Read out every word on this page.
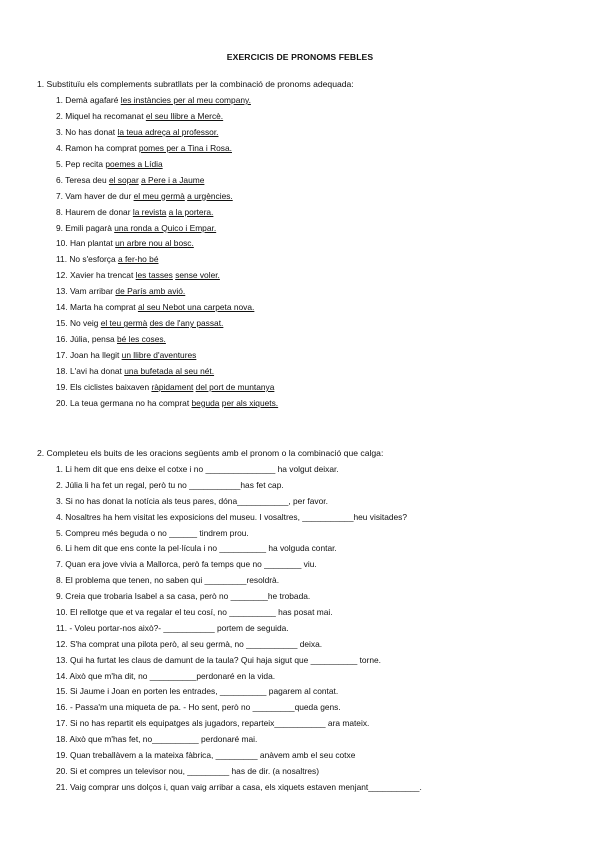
EXERCICIS DE PRONOMS FEBLES
1. Substituïu els complements subratllats per la combinació de pronoms adequada:
1. Demà agafaré les instàncies per al meu company.
2. Miquel ha recomanat el seu llibre a Mercè.
3. No has donat la teua adreça al professor.
4. Ramon ha comprat pomes per a Tina i Rosa.
5. Pep recita poemes a Lídia
6. Teresa deu el sopar a Pere i a Jaume
7. Vam haver de dur el meu germà a urgències.
8. Haurem de donar la revista a la portera.
9. Emili pagarà una ronda a Quico i Empar.
10. Han plantat un arbre nou al bosc.
11. No s'esforça a fer-ho bé
12. Xavier ha trencat les tasses sense voler.
13. Vam arribar de París amb avió.
14. Marta ha comprat al seu Nebot una carpeta nova.
15. No veig el teu germà des de l'any passat.
16. Júlia, pensa bé les coses.
17. Joan ha llegit un llibre d'aventures
18. L'avi ha donat una bufetada al seu nét.
19. Els ciclistes baixaven ràpidament del port de muntanya
20. La teua germana no ha comprat beguda per als xiquets.
2. Completeu els buits de les oracions següents amb el pronom o la combinació que calga:
1. Li hem dit que ens deixe el cotxe i no _______________ ha volgut deixar.
2. Júlia li ha fet un regal, però tu no ___________has fet cap.
3. Si no has donat la notícia als teus pares, dóna___________, per favor.
4. Nosaltres ha hem visitat les exposicions del museu. I vosaltres, ___________heu visitades?
5. Compreu més beguda o no ______ tindrem prou.
6. Li hem dit que ens conte la pel·lícula i no __________ ha volguda contar.
7. Quan era jove vivia a Mallorca, però fa temps que no ________ viu.
8. El problema que tenen, no saben qui _________resoldrà.
9. Creia que trobaria Isabel a sa casa, però no ________he trobada.
10. El rellotge que et va regalar el teu cosí, no __________ has posat mai.
11. - Voleu portar-nos això?- ___________ portem de seguida.
12. S'ha comprat una pilota però, al seu germà, no ___________ deixa.
13. Qui ha furtat les claus de damunt de la taula? Qui haja sigut que __________ torne.
14. Això que m'ha dit, no __________perdonaré en la vida.
15. Si Jaume i Joan en porten les entrades, __________ pagarem al contat.
16. - Passa'm una miqueta de pa. - Ho sent, però no _________queda gens.
17. Si no has repartit els equipatges als jugadors, reparteix___________ ara mateix.
18. Això que m'has fet, no__________ perdonaré mai.
19. Quan treballàvem a la mateixa fàbrica, _________ anàvem amb el seu cotxe
20. Si et compres un televisor nou, _________ has de dir. (a nosaltres)
21. Vaig comprar uns dolços i, quan vaig arribar a casa, els xiquets estaven menjant___________.
